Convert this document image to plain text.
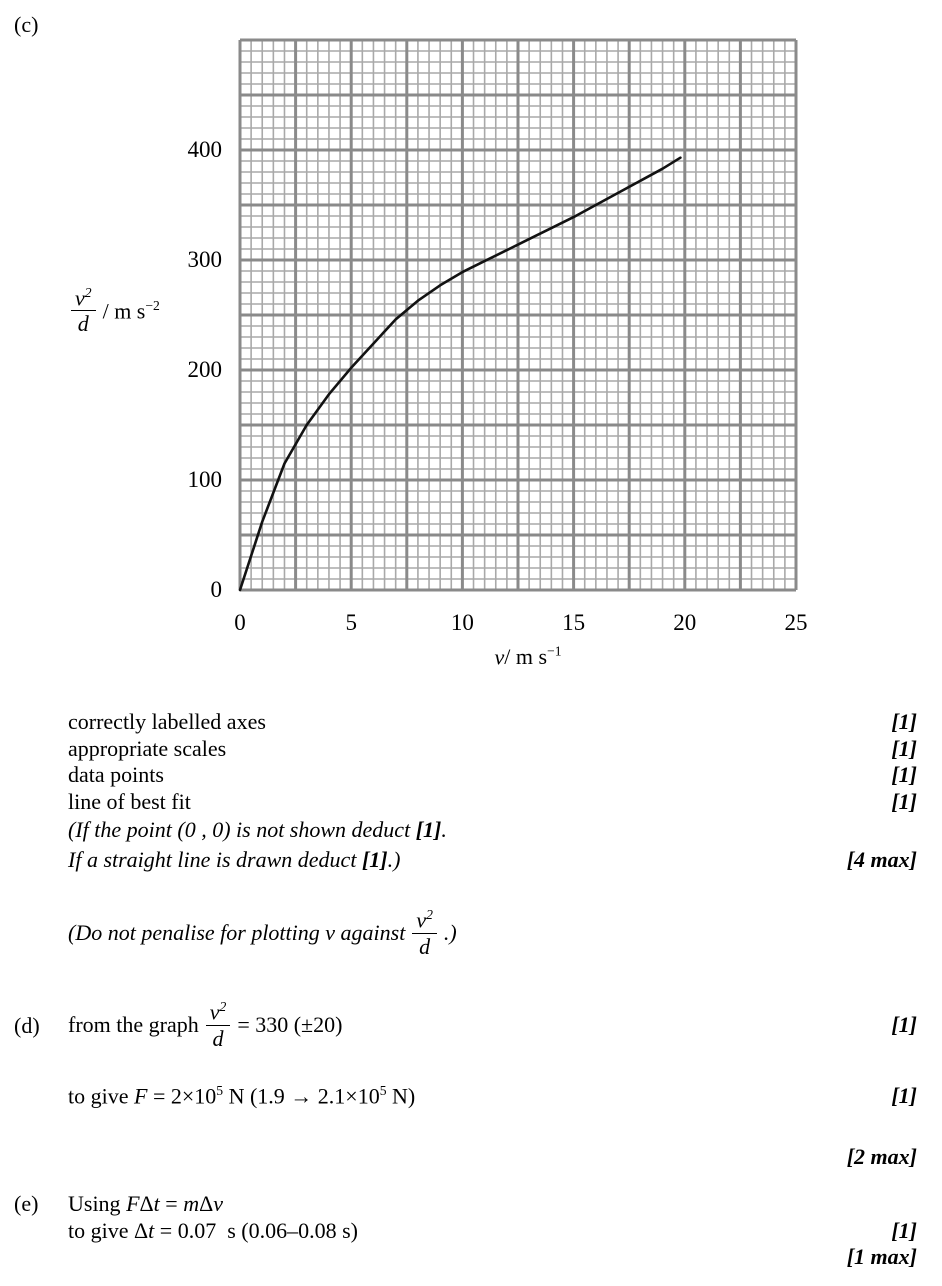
(c)
0
100
200
300
400
0	5	10	15	20	25
$\frac{v^2}{d}$ / m $s^{-2}$
v/ m $s^{-1}$
correctly labelled axes	[1]
appropriate scales	[1]
data points	[1]
line of best fit	[1]
(If the point (0 , 0) is not shown deduct [1].
If a straight line is drawn deduct [1].)	[4 max]
(Do not penalise for plotting v against $\frac{v^2}{d}$ .)
(d) from the graph $\frac{v^2}{d} = 330$ (±20)	[1]
to give $F = 2\times 10^5$ N ($1.9 \to 2.1\times 10^5$ N)	[1]
[2 max]
(e) Using FΔt = mΔv
to give Δt = 0.07 s (0.06–0.08 s)	[1]
[1 max]
